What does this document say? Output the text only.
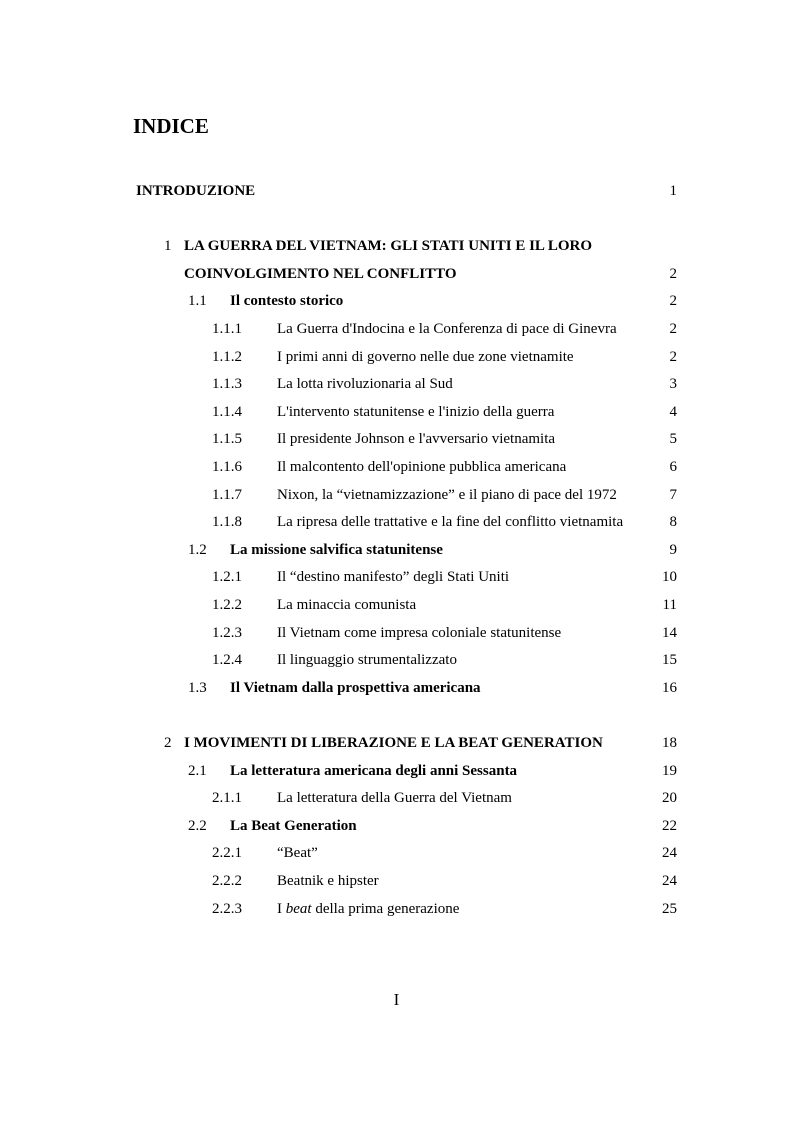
INDICE
INTRODUZIONE	1
1 LA GUERRA DEL VIETNAM: GLI STATI UNITI E IL LORO
COINVOLGIMENTO NEL CONFLITTO	2
1.1 Il contesto storico	2
1.1.1 La Guerra d'Indocina e la Conferenza di pace di Ginevra	2
1.1.2 I primi anni di governo nelle due zone vietnamite	2
1.1.3 La lotta rivoluzionaria al Sud	3
1.1.4 L'intervento statunitense e l'inizio della guerra	4
1.1.5 Il presidente Johnson e l'avversario vietnamita	5
1.1.6 Il malcontento dell'opinione pubblica americana	6
1.1.7 Nixon, la “vietnamizzazione” e il piano di pace del 1972	7
1.1.8 La ripresa delle trattative e la fine del conflitto vietnamita	8
1.2 La missione salvifica statunitense	9
1.2.1 Il “destino manifesto” degli Stati Uniti	10
1.2.2 La minaccia comunista	11
1.2.3 Il Vietnam come impresa coloniale statunitense	14
1.2.4 Il linguaggio strumentalizzato	15
1.3 Il Vietnam dalla prospettiva americana	16
2 I MOVIMENTI DI LIBERAZIONE E LA BEAT GENERATION	18
2.1 La letteratura americana degli anni Sessanta	19
2.1.1 La letteratura della Guerra del Vietnam	20
2.2 La Beat Generation	22
2.2.1 “Beat”	24
2.2.2 Beatnik e hipster	24
2.2.3 I beat della prima generazione	25
I
